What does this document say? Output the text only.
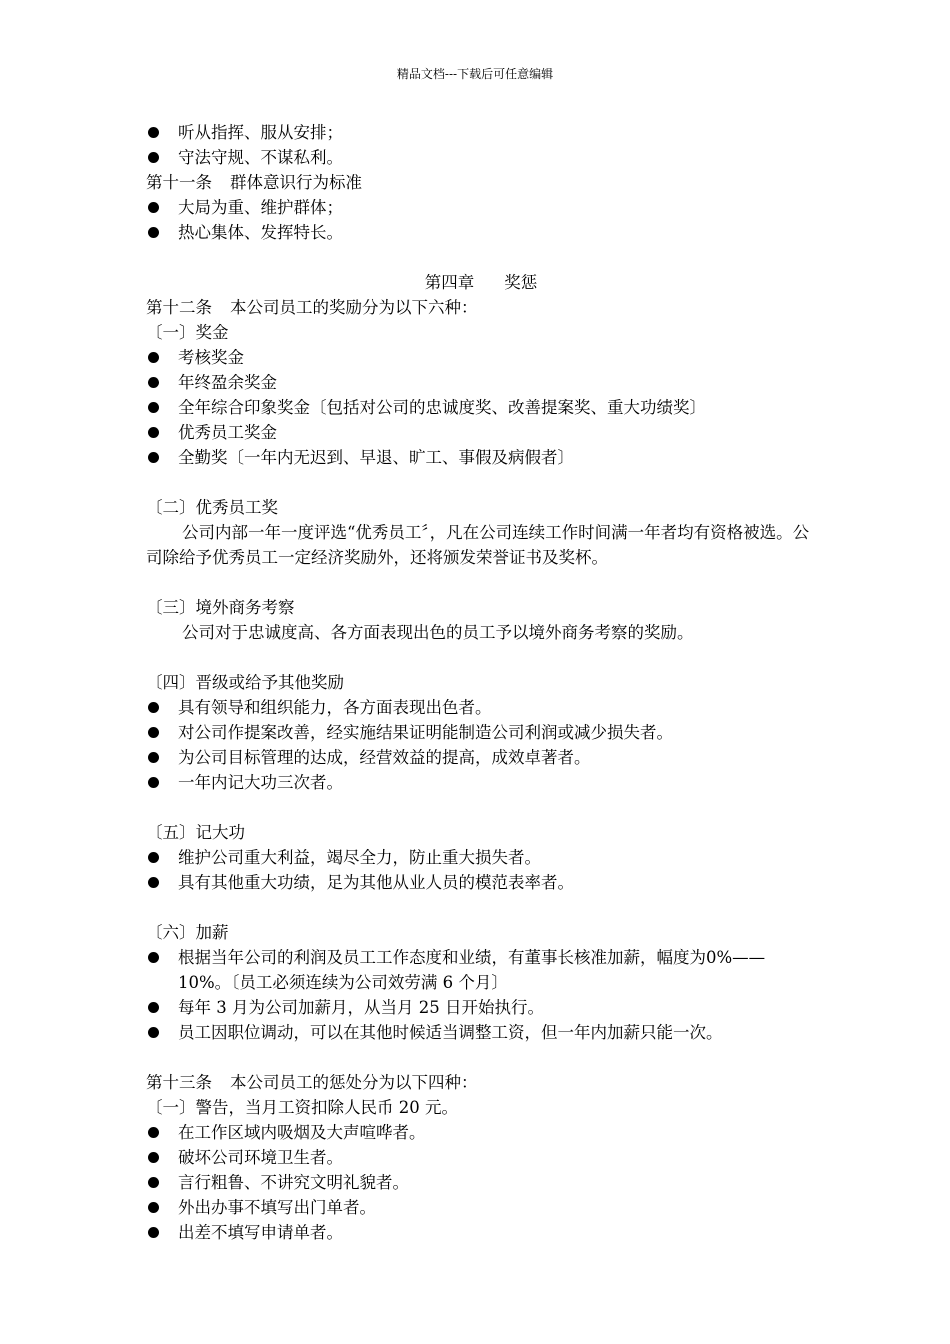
精品文档---下载后可任意编辑
听从指挥、服从安排；
守法守规、不谋私利。
第十一条 群体意识行为标准
大局为重、维护群体；
热心集体、发挥特长。
第四章 奖惩
第十二条 本公司员工的奖励分为以下六种：
〔一〕奖金
考核奖金
年终盈余奖金
全年综合印象奖金〔包括对公司的忠诚度奖、改善提案奖、重大功绩奖〕
优秀员工奖金
全勤奖〔一年内无迟到、早退、旷工、事假及病假者〕
〔二〕优秀员工奖
公司内部一年一度评选“优秀员工〞，凡在公司连续工作时间满一年者均有资格被选。公司除给予优秀员工一定经济奖励外，还将颁发荣誉证书及奖杯。
〔三〕境外商务考察
公司对于忠诚度高、各方面表现出色的员工予以境外商务考察的奖励。
〔四〕晋级或给予其他奖励
具有领导和组织能力，各方面表现出色者。
对公司作提案改善，经实施结果证明能制造公司利润或减少损失者。
为公司目标管理的达成，经营效益的提高，成效卓著者。
一年内记大功三次者。
〔五〕记大功
维护公司重大利益，竭尽全力，防止重大损失者。
具有其他重大功绩，足为其他从业人员的模范表率者。
〔六〕加薪
根据当年公司的利润及员工工作态度和业绩，有董事长核准加薪，幅度为0%——10%。〔员工必须连续为公司效劳满 6 个月〕
每年 3 月为公司加薪月，从当月 25 日开始执行。
员工因职位调动，可以在其他时候适当调整工资，但一年内加薪只能一次。
第十三条 本公司员工的惩处分为以下四种：
〔一〕警告，当月工资扣除人民币 20 元。
在工作区域内吸烟及大声喧哗者。
破坏公司环境卫生者。
言行粗鲁、不讲究文明礼貌者。
外出办事不填写出门单者。
出差不填写申请单者。
